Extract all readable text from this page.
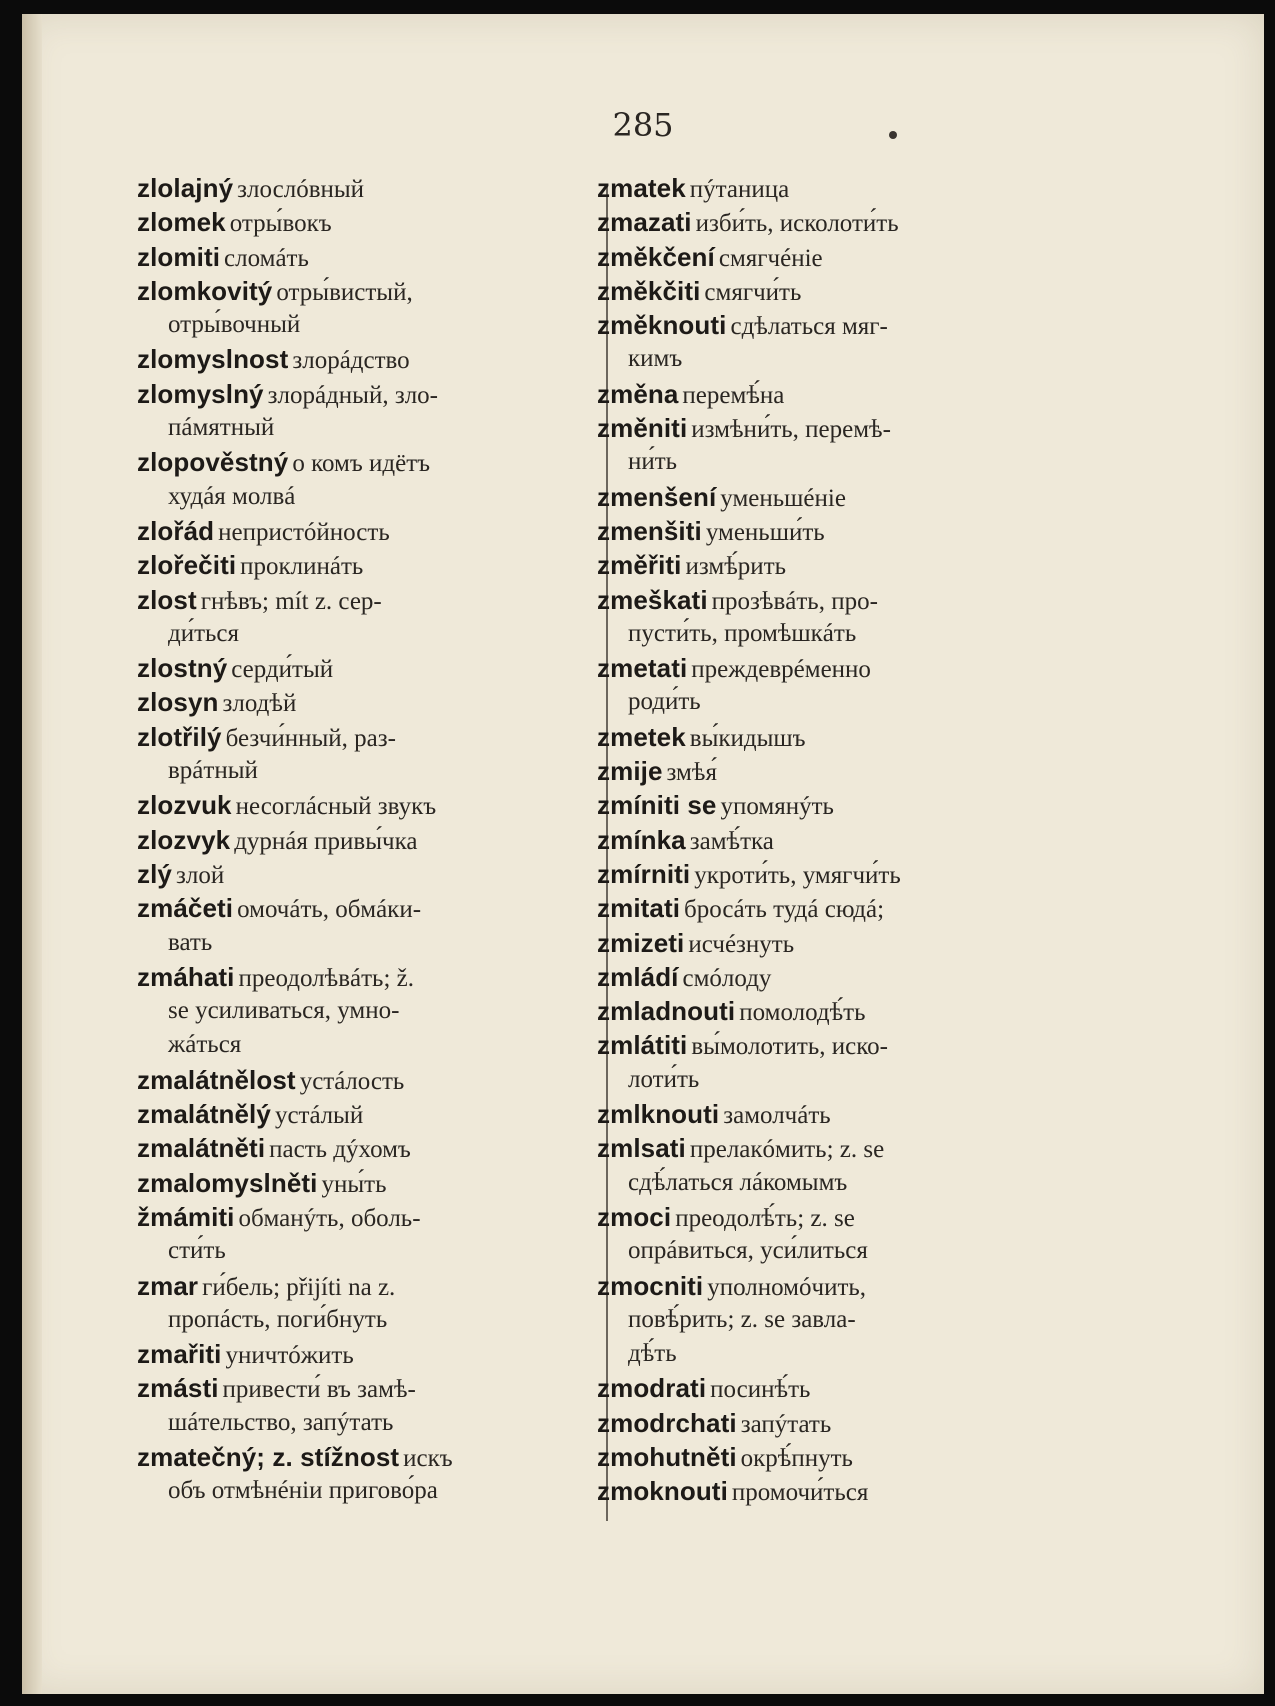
285
zlolajný злослóвный
zlomek отры́вокъ
zlomiti сломáть
zlomkovitý отры́вистый,
отры́вочный
zlomyslnost злорáдство
zlomyslný злорáдный, зло-
пáмятный
zlopověstný о комъ идётъ
худáя молвá
zlořád непристóйность
zlořečiti проклинáть
zlost гнѣвъ; mít z. сер-
ди́ться
zlostný серди́тый
zlosyn злодѣй
zlotřilý безчи́нный, раз-
врáтный
zlozvuk несоглáсный звукъ
zlozvyk дурнáя привы́чка
zlý злой
zmáčeti омочáть, обмáки-
вать
zmáhati преодолѣвáть; ž.
se усиливаться, умно-
жáться
zmalátnělost устáлость
zmalátnělý устáлый
zmalátněti пасть дýхомъ
zmalomyslněti уны́ть
žmámiti обманýть, оболь-
сти́ть
zmar ги́бель; přijíti na z.
пропáсть, поги́бнуть
zmařiti уничтóжить
zmásti привести́ въ замѣ-
шáтельство, запýтать
zmatečný; z. stížnost искъ
объ отмѣнéніи пригово́ра
zmatek пýтаница
zmazati изби́ть, исколоти́ть
změkčení смягчéніе
změkčiti смягчи́ть
změknouti сдѣлаться мяг-
кимъ
změna перемѣ́на
změniti измѣни́ть, перемѣ-
ни́ть
zmenšení уменьшéніе
zmenšiti уменьши́ть
změřiti измѣ́рить
zmeškati прозѣвáть, про-
пусти́ть, промѣшкáть
zmetati преждеврéменно
роди́ть
zmetek вы́кидышъ
zmije змѣя́
zmíniti se упомянýть
zmínka замѣ́тка
zmírniti укроти́ть, умягчи́ть
zmitati бросáть тудá сюдá;
zmizeti исчéзнуть
zmládí смóлоду
zmladnouti помолодѣ́ть
zmlátiti вы́молотить, иско-
лоти́ть
zmlknouti замолчáть
zmlsati прелакóмить; z. se
сдѣ́латься лáкомымъ
zmoci преодолѣ́ть; z. se
опрáвиться, уси́литься
zmocniti уполномóчить,
повѣ́рить; z. se завла-
дѣ́ть
zmodrati посинѣ́ть
zmodrchati запýтать
zmohutněti окрѣ́пнуть
zmoknouti промочи́ться
